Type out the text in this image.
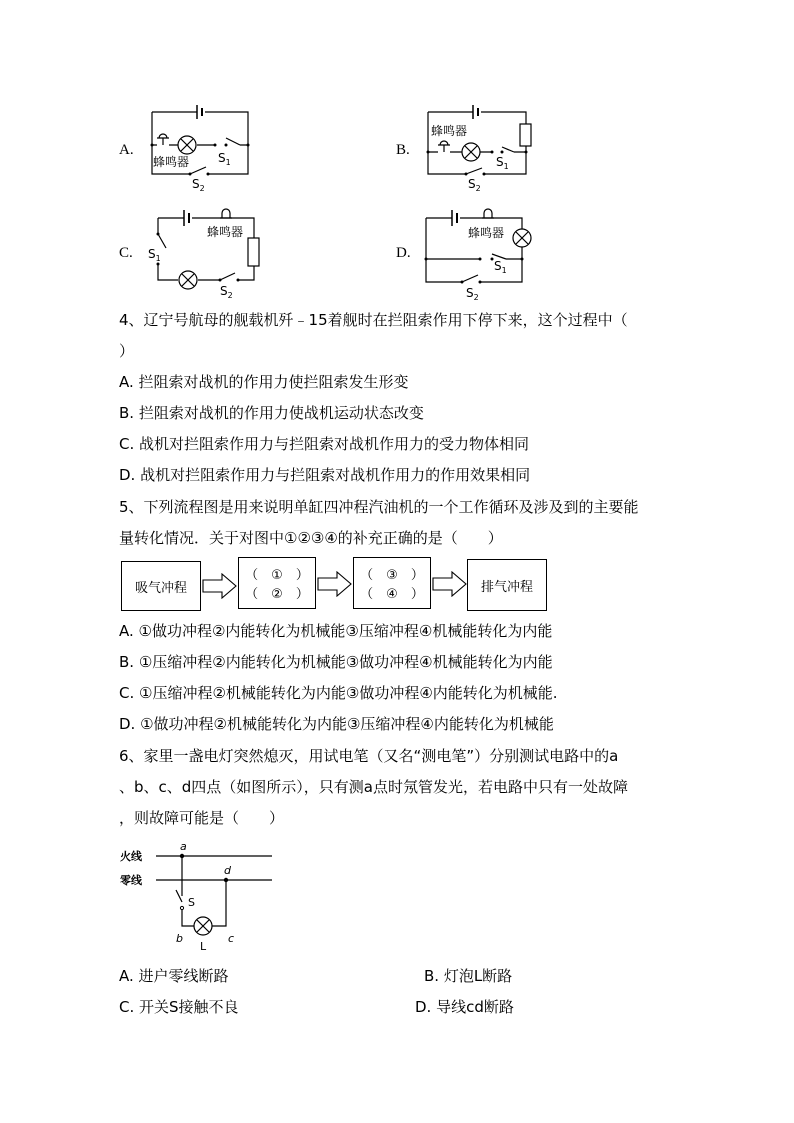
A.
蜂鸣器 $S_1$
$S_2$
B.
蜂鸣器
$S_1$
$S_2$
C.
蜂鸣器
$S_1$
$S_2$
D.
蜂鸣器
$S_1$
$S_2$
4、辽宁号航母的舰载机歼﹣15着舰时在拦阻索作用下停下来，这个过程中（
）
A. 拦阻索对战机的作用力使拦阻索发生形变
B. 拦阻索对战机的作用力使战机运动状态改变
C. 战机对拦阻索作用力与拦阻索对战机作用力的受力物体相同
D. 战机对拦阻索作用力与拦阻索对战机作用力的作用效果相同
5、下列流程图是用来说明单缸四冲程汽油机的一个工作循环及涉及到的主要能
量转化情况．关于对图中①②③④的补充正确的是（　　）
吸气冲程
（　①　）
（　②　）
（　③　）
（　④　）	排气冲程
A. ①做功冲程②内能转化为机械能③压缩冲程④机械能转化为内能
B. ①压缩冲程②内能转化为机械能③做功冲程④机械能转化为内能
C. ①压缩冲程②机械能转化为内能③做功冲程④内能转化为机械能.
D. ①做功冲程②机械能转化为内能③压缩冲程④内能转化为机械能
6、家里一盏电灯突然熄灭，用试电笔（又名“测电笔”）分别测试电路中的a
、b、c、d四点（如图所示），只有测a点时氖管发光，若电路中只有一处故障
，则故障可能是（　　）
火线
零线
a
d
S
b	c
L
A. 进户零线断路	B. 灯泡L断路
C. 开关S接触不良	D. 导线cd断路
